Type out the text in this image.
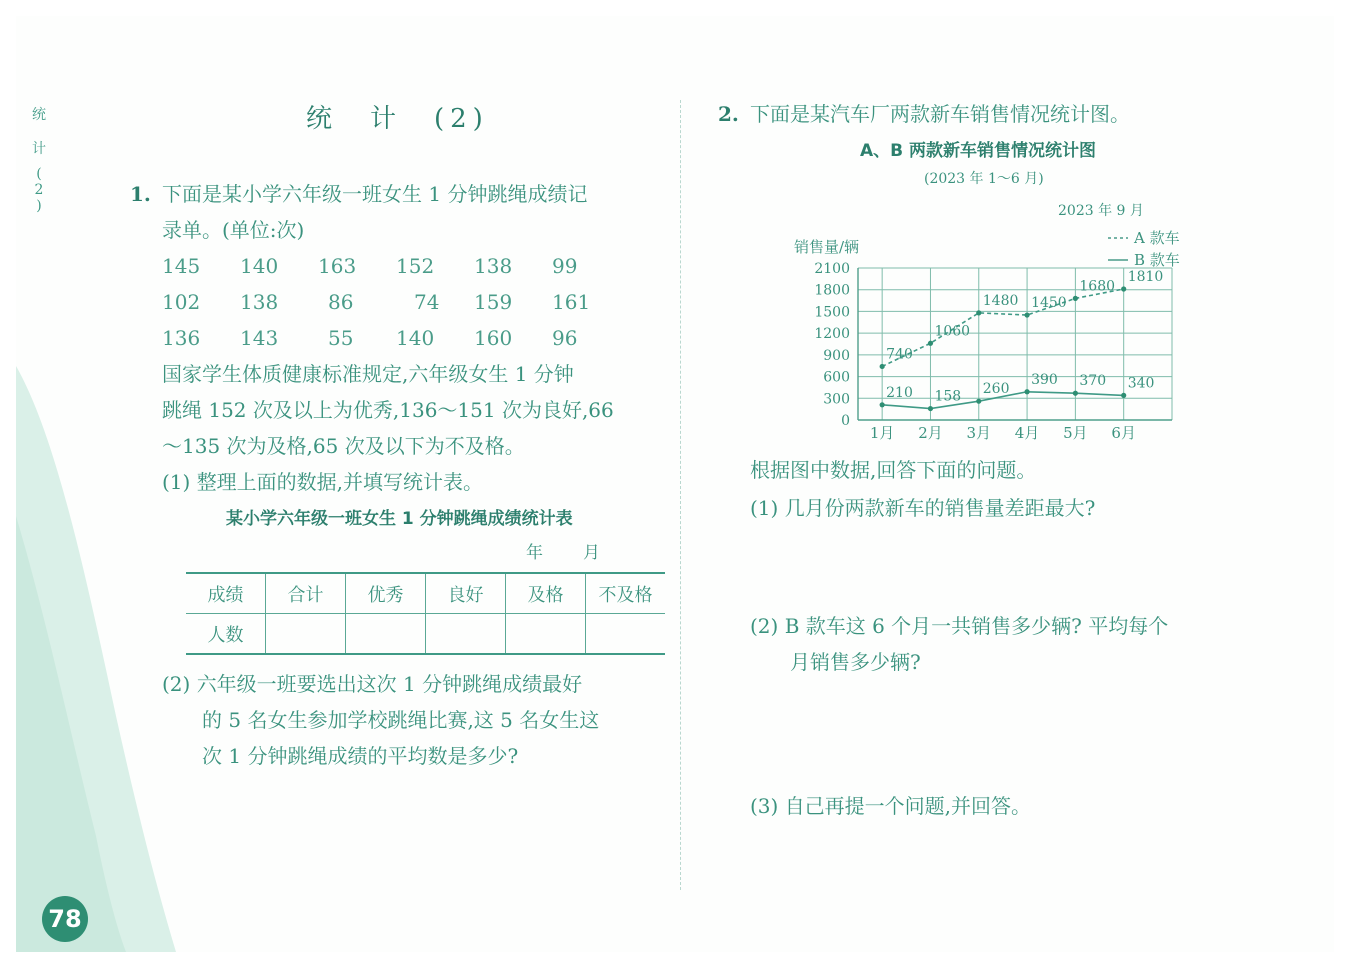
统
计
(
2
)
统　计　(2)
1. 下面是某小学六年级一班女生 1 分钟跳绳成绩记
录单。(单位:次)
145 140 163 152 138 99
102 138 86	74 159 161
136 143 55 140 160 96
国家学生体质健康标准规定,六年级女生 1 分钟
跳绳 152 次及以上为优秀,136～151 次为良好,66
～135 次为及格,65 次及以下为不及格。
(1) 整理上面的数据,并填写统计表。
某小学六年级一班女生 1 分钟跳绳成绩统计表
年　　月
成绩	合计	优秀	良好	及格	不及格
人数					
(2) 六年级一班要选出这次 1 分钟跳绳成绩最好
的 5 名女生参加学校跳绳比赛,这 5 名女生这
次 1 分钟跳绳成绩的平均数是多少?
2. 下面是某汽车厂两款新车销售情况统计图。
A、B 两款新车销售情况统计图
(2023 年 1～6 月)
2023 年 9 月
0
300
600
900
1200
1500
1800
2100
1月 2月 3月 4月 5月 6月
销售量/辆	A 款车
B 款车
740
1060
1480 1450
1680
1810
210 158 260
390 370 340
根据图中数据,回答下面的问题。
(1) 几月份两款新车的销售量差距最大?
(2) B 款车这 6 个月一共销售多少辆? 平均每个
月销售多少辆?
(3) 自己再提一个问题,并回答。
78
